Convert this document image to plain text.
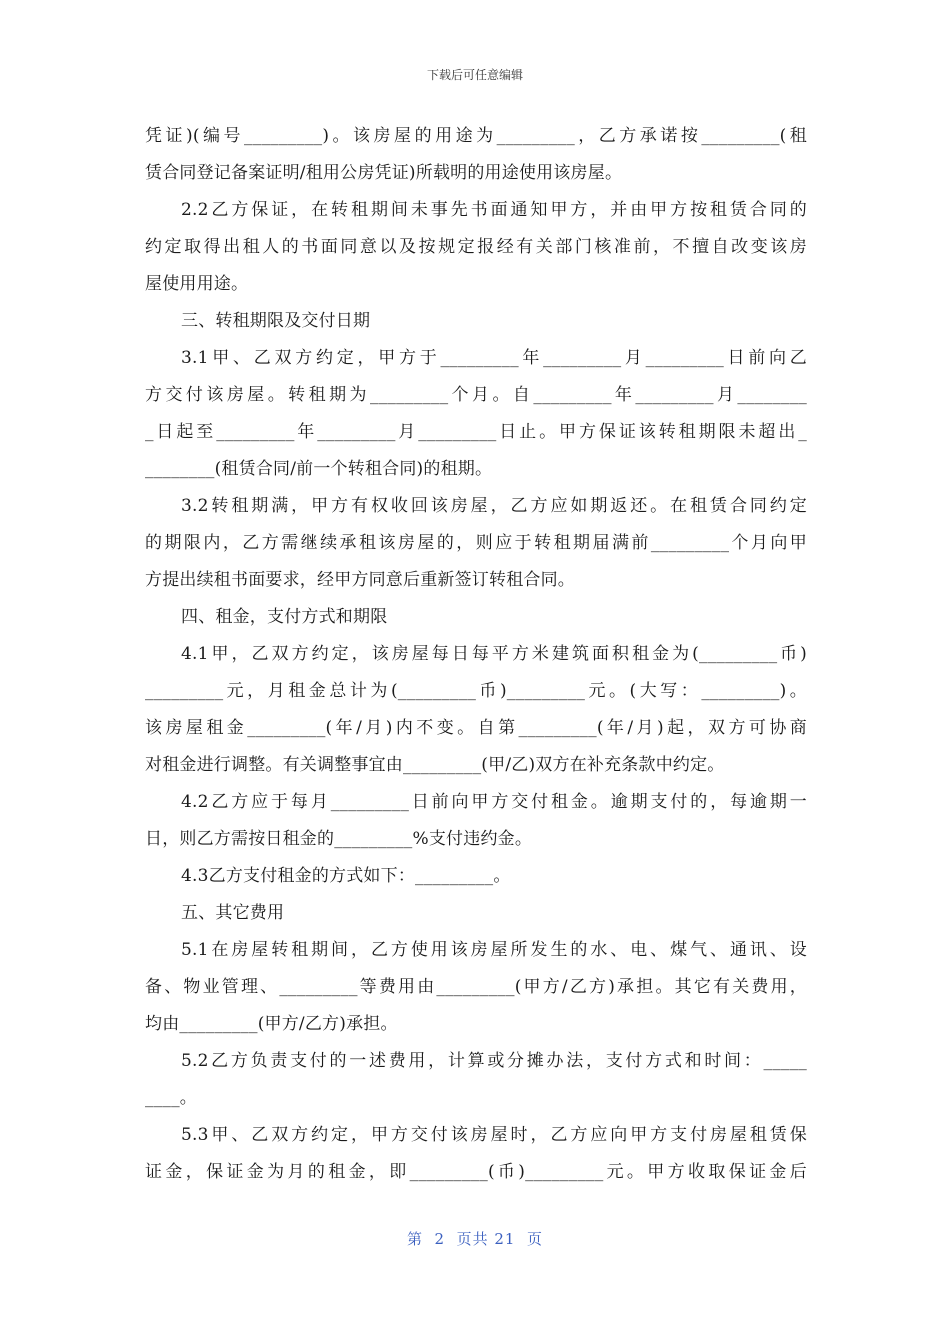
下载后可任意编辑
凭证)(编号_________)。该房屋的用途为_________，乙方承诺按_________(租
赁合同登记备案证明/租用公房凭证)所载明的用途使用该房屋。
2.2乙方保证，在转租期间未事先书面通知甲方，并由甲方按租赁合同的
约定取得出租人的书面同意以及按规定报经有关部门核准前，不擅自改变该房
屋使用用途。
三、转租期限及交付日期
3.1甲、乙双方约定，甲方于_________年_________月_________日前向乙
方交付该房屋。转租期为_________个月。自_________年_________月________
_日起至_________年_________月_________日止。甲方保证该转租期限未超出_
________(租赁合同/前一个转租合同)的租期。
3.2转租期满，甲方有权收回该房屋，乙方应如期返还。在租赁合同约定
的期限内，乙方需继续承租该房屋的，则应于转租期届满前_________个月向甲
方提出续租书面要求，经甲方同意后重新签订转租合同。
四、租金，支付方式和期限
4.1甲，乙双方约定，该房屋每日每平方米建筑面积租金为(_________币)
_________元，月租金总计为(_________币)_________元。(大写：_________)。
该房屋租金_________(年/月)内不变。自第_________(年/月)起，双方可协商
对租金进行调整。有关调整事宜由_________(甲/乙)双方在补充条款中约定。
4.2乙方应于每月_________日前向甲方交付租金。逾期支付的，每逾期一
日，则乙方需按日租金的_________%支付违约金。
4.3乙方支付租金的方式如下：_________。
五、其它费用
5.1在房屋转租期间，乙方使用该房屋所发生的水、电、煤气、通讯、设
备、物业管理、_________等费用由_________(甲方/乙方)承担。其它有关费用，
均由_________(甲方/乙方)承担。
5.2乙方负责支付的一述费用，计算或分摊办法，支付方式和时间：_____
____。
5.3甲、乙双方约定，甲方交付该房屋时，乙方应向甲方支付房屋租赁保
证金，保证金为月的租金，即_________(币)_________元。甲方收取保证金后
第  2  页共 21  页
